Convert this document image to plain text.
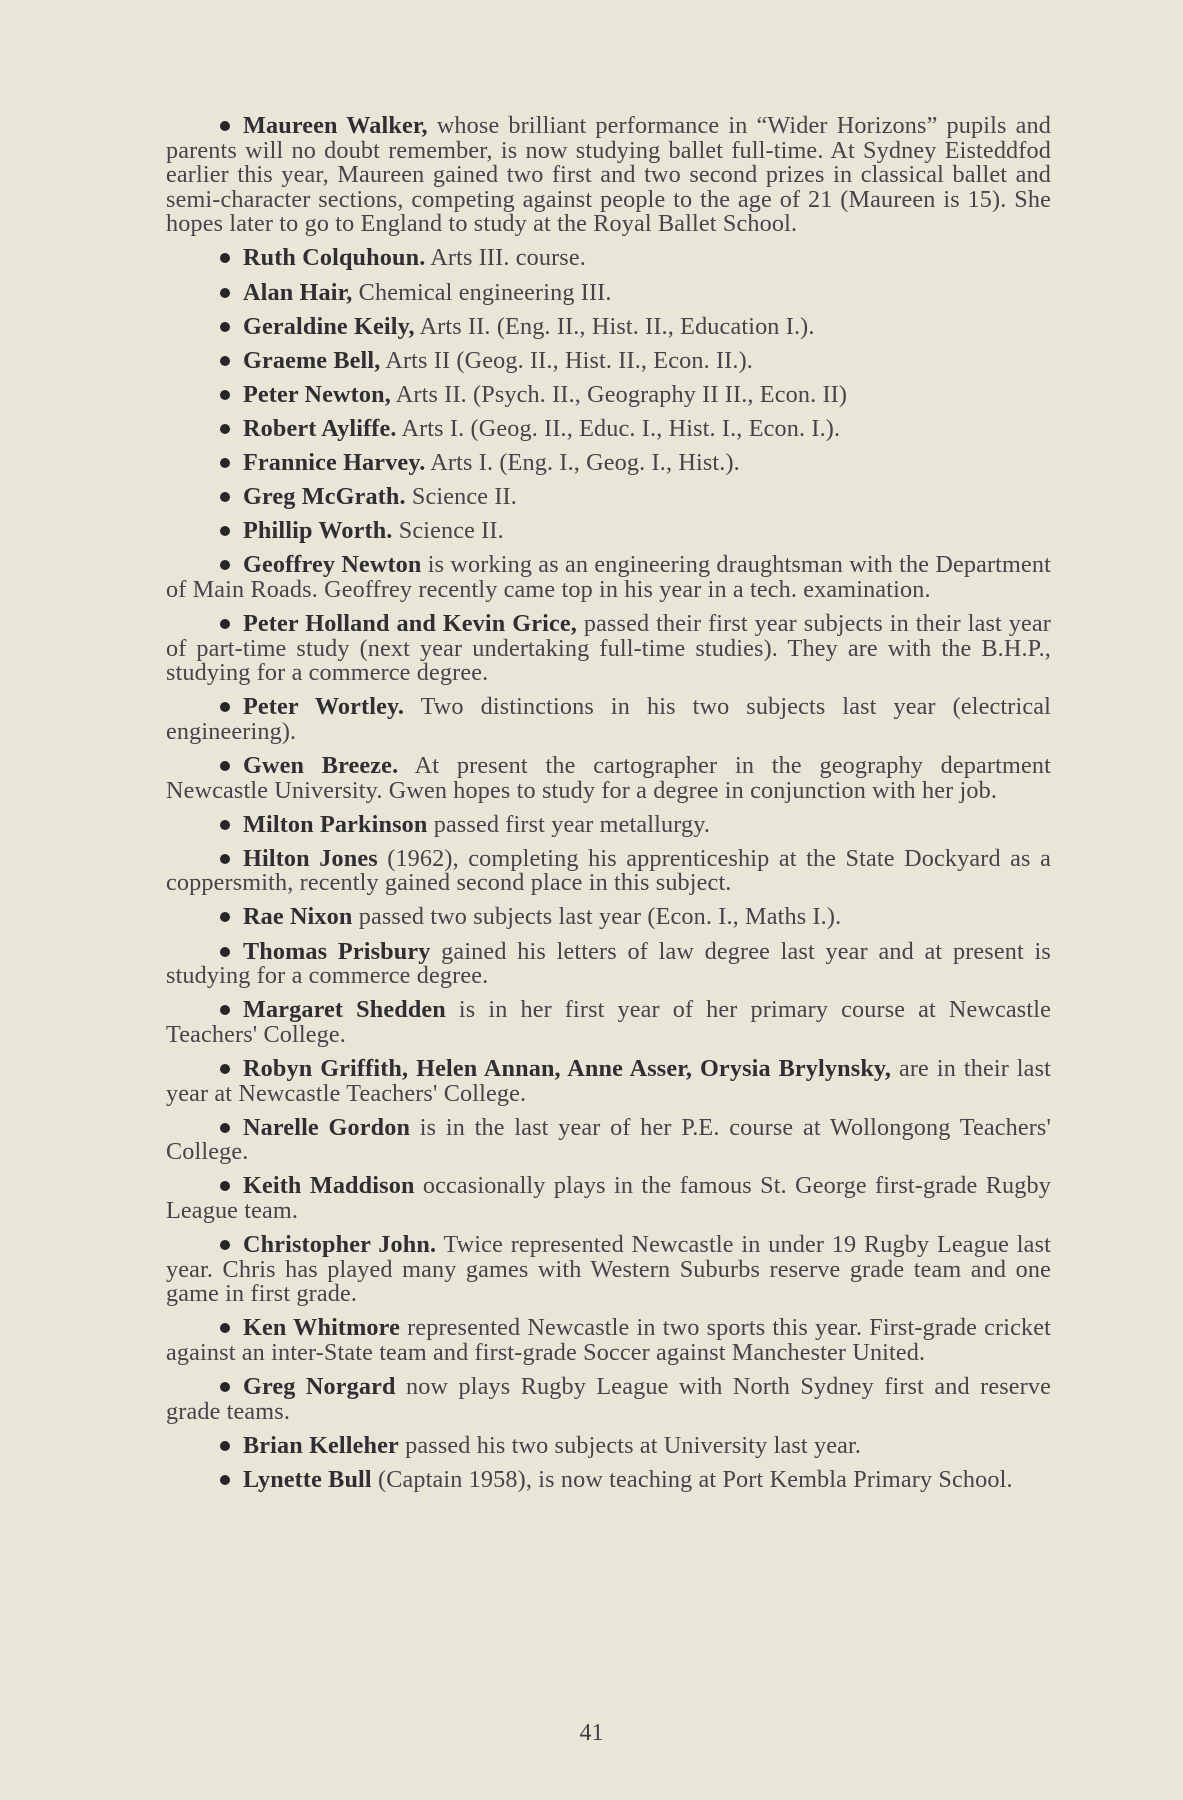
Maureen Walker, whose brilliant performance in “Wider Horizons” pupils and parents will no doubt remember, is now studying ballet full-time. At Sydney Eisteddfod earlier this year, Maureen gained two first and two second prizes in classical ballet and semi-character sections, competing against people to the age of 21 (Maureen is 15). She hopes later to go to England to study at the Royal Ballet School.

Ruth Colquhoun. Arts III. course.

Alan Hair, Chemical engineering III.

Geraldine Keily, Arts II. (Eng. II., Hist. II., Education I.).

Graeme Bell, Arts II (Geog. II., Hist. II., Econ. II.).

Peter Newton, Arts II. (Psych. II., Geography II II., Econ. II)

Robert Ayliffe. Arts I. (Geog. II., Educ. I., Hist. I., Econ. I.).

Frannice Harvey. Arts I. (Eng. I., Geog. I., Hist.).

Greg McGrath. Science II.

Phillip Worth. Science II.

Geoffrey Newton is working as an engineering draughtsman with the Department of Main Roads. Geoffrey recently came top in his year in a tech. examination.

Peter Holland and Kevin Grice, passed their first year subjects in their last year of part-time study (next year undertaking full-time studies). They are with the B.H.P., studying for a commerce degree.

Peter Wortley. Two distinctions in his two subjects last year (electrical engineering).

Gwen Breeze. At present the cartographer in the geography department Newcastle University. Gwen hopes to study for a degree in conjunction with her job.

Milton Parkinson passed first year metallurgy.

Hilton Jones (1962), completing his apprenticeship at the State Dockyard as a coppersmith, recently gained second place in this subject.

Rae Nixon passed two subjects last year (Econ. I., Maths I.).

Thomas Prisbury gained his letters of law degree last year and at present is studying for a commerce degree.

Margaret Shedden is in her first year of her primary course at Newcastle Teachers' College.

Robyn Griffith, Helen Annan, Anne Asser, Orysia Brylynsky, are in their last year at Newcastle Teachers' College.

Narelle Gordon is in the last year of her P.E. course at Wollongong Teachers' College.

Keith Maddison occasionally plays in the famous St. George first-grade Rugby League team.

Christopher John. Twice represented Newcastle in under 19 Rugby League last year. Chris has played many games with Western Suburbs reserve grade team and one game in first grade.

Ken Whitmore represented Newcastle in two sports this year. First-grade cricket against an inter-State team and first-grade Soccer against Manchester United.

Greg Norgard now plays Rugby League with North Sydney first and reserve grade teams.

Brian Kelleher passed his two subjects at University last year.

Lynette Bull (Captain 1958), is now teaching at Port Kembla Primary School.

41
